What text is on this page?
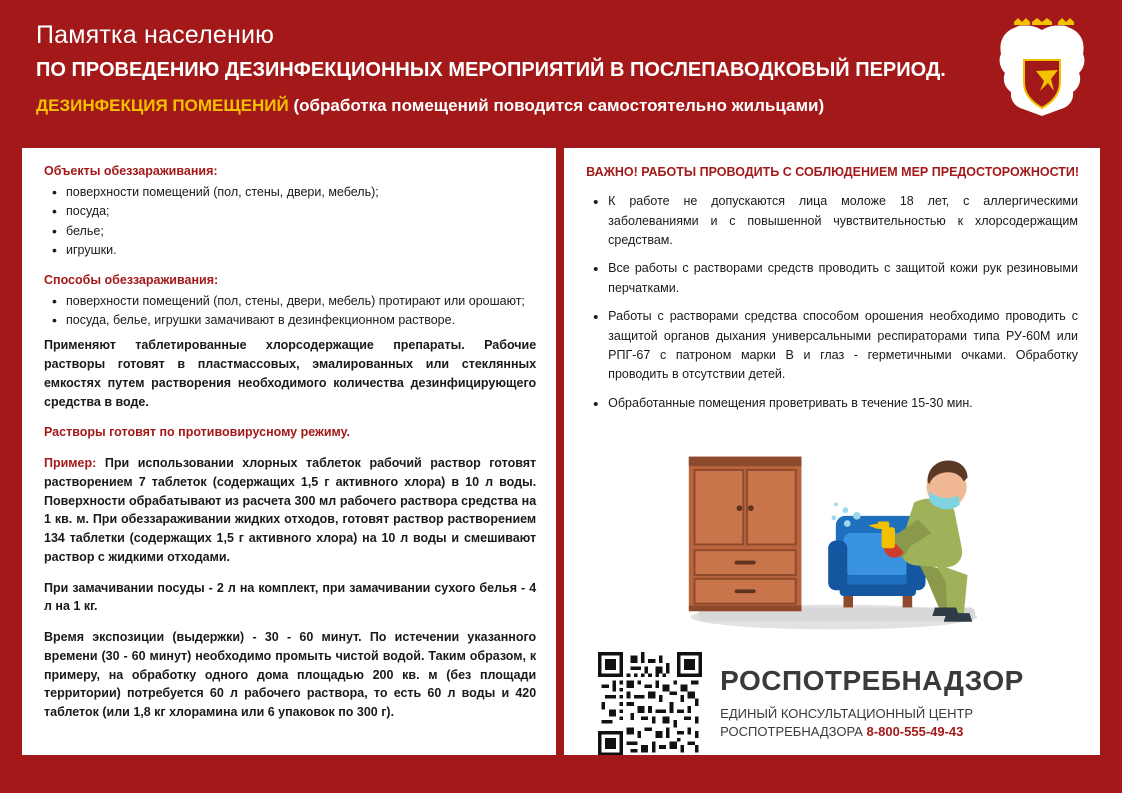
Памятка населению
ПО ПРОВЕДЕНИЮ ДЕЗИНФЕКЦИОННЫХ МЕРОПРИЯТИЙ В ПОСЛЕПАВОДКОВЫЙ ПЕРИОД.
ДЕЗИНФЕКЦИЯ ПОМЕЩЕНИЙ (обработка помещений поводится самостоятельно жильцами)
Объекты обеззараживания:
• поверхности помещений (пол, стены, двери, мебель);
• посуда;
• белье;
• игрушки.
Способы обеззараживания:
• поверхности помещений (пол, стены, двери, мебель) протирают или орошают;
• посуда, белье, игрушки замачивают в дезинфекционном растворе.

Применяют таблетированные хлорсодержащие препараты. Рабочие растворы готовят в пластмассовых, эмалированных или стеклянных емкостях путем растворения необходимого количества дезинфицирующего средства в воде.

Растворы готовят по противовирусному режиму.

Пример: При использовании хлорных таблеток рабочий раствор готовят растворением 7 таблеток (содержащих 1,5 г активного хлора) в 10 л воды. Поверхности обрабатывают из расчета 300 мл рабочего раствора средства на 1 кв. м. При обеззараживании жидких отходов, готовят раствор растворением 134 таблетки (содержащих 1,5 г активного хлора) на 10 л воды и смешивают раствор с жидкими отходами.

При замачивании посуды - 2 л на комплект, при замачивании сухого белья - 4 л на 1 кг.

Время экспозиции (выдержки) - 30 - 60 минут. По истечении указанного времени (30 - 60 минут) необходимо промыть чистой водой. Таким образом, к примеру, на обработку одного дома площадью 200 кв. м (без площади территории) потребуется 60 л рабочего раствора, то есть 60 л воды и 420 таблеток (или 1,8 кг хлорамина или 6 упаковок по 300 г).

ВАЖНО! РАБОТЫ ПРОВОДИТЬ С СОБЛЮДЕНИЕМ МЕР ПРЕДОСТОРОЖНОСТИ!
• К работе не допускаются лица моложе 18 лет, с аллергическими заболеваниями и с повышенной чувствительностью к хлорсодержащим средствам.
• Все работы с растворами средств проводить с защитой кожи рук резиновыми перчатками.
• Работы с растворами средства способом орошения необходимо проводить с защитой органов дыхания универсальными респираторами типа РУ-60М или РПГ-67 с патроном марки В и глаз - герметичными очками. Обработку проводить в отсутствии детей.
• Обработанные помещения проветривать в течение 15-30 мин.
РОСПОТРЕБНАДЗОР
ЕДИНЫЙ КОНСУЛЬТАЦИОННЫЙ ЦЕНТР
РОСПОТРЕБНАДЗОРА 8-800-555-49-43
